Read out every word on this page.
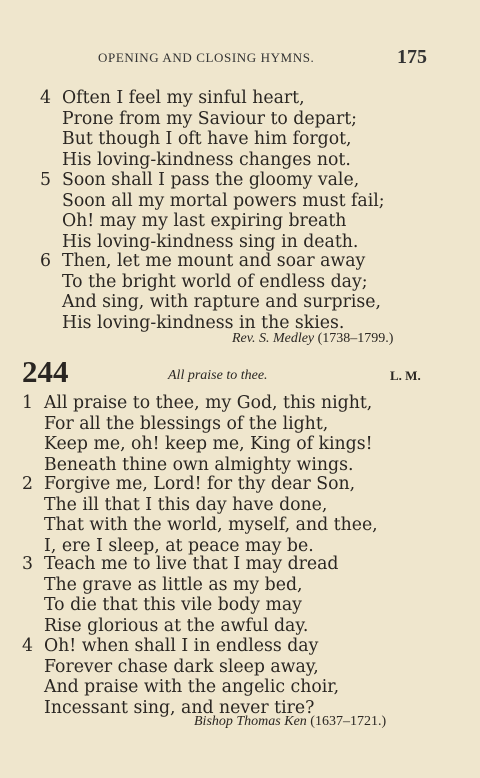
OPENING AND CLOSING HYMNS.	175
4 Often I feel my sinful heart,
Prone from my Saviour to depart;
But though I oft have him forgot,
His loving-kindness changes not.
5 Soon shall I pass the gloomy vale,
Soon all my mortal powers must fail;
Oh! may my last expiring breath
His loving-kindness sing in death.
6 Then, let me mount and soar away
To the bright world of endless day;
And sing, with rapture and surprise,
His loving-kindness in the skies.
Rev. S. Medley (1738–1799.)
244	All praise to thee.	L. M.
1 All praise to thee, my God, this night,
For all the blessings of the light,
Keep me, oh! keep me, King of kings!
Beneath thine own almighty wings.
2 Forgive me, Lord! for thy dear Son,
The ill that I this day have done,
That with the world, myself, and thee,
I, ere I sleep, at peace may be.
3 Teach me to live that I may dread
The grave as little as my bed,
To die that this vile body may
Rise glorious at the awful day.
4 Oh! when shall I in endless day
Forever chase dark sleep away,
And praise with the angelic choir,
Incessant sing, and never tire?
Bishop Thomas Ken (1637–1721.)
